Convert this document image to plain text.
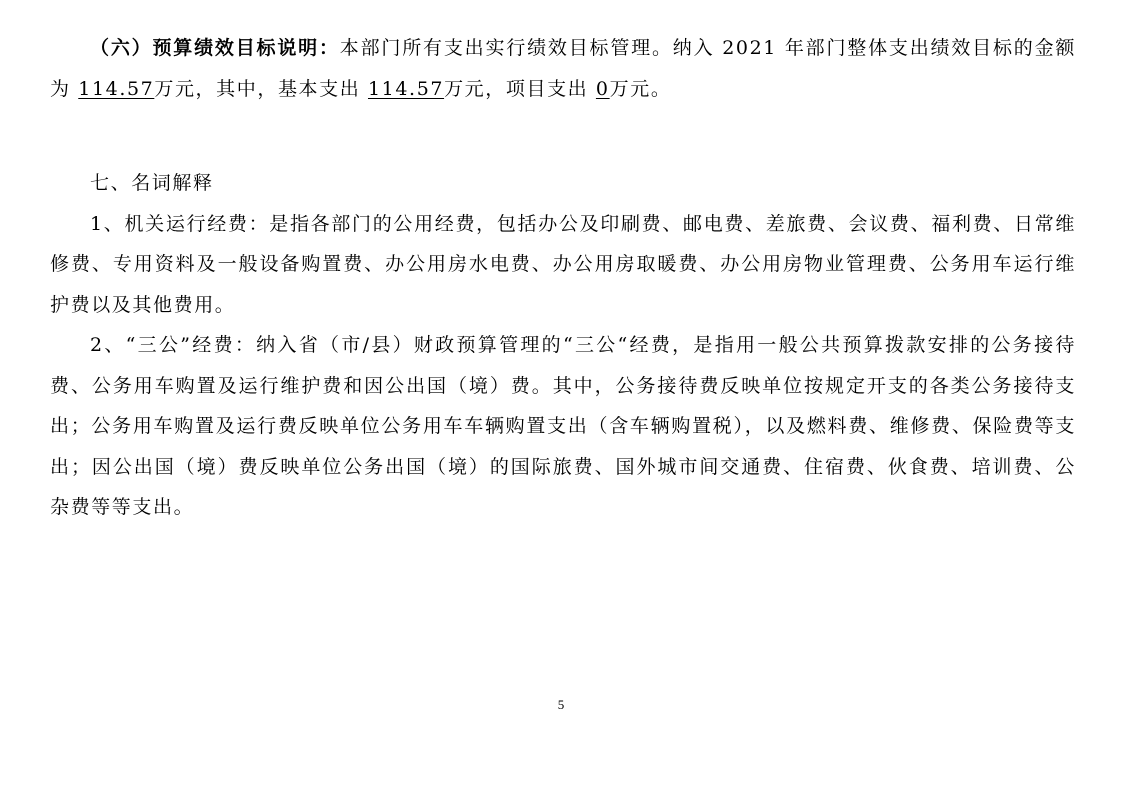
（六）预算绩效目标说明：本部门所有支出实行绩效目标管理。纳入 2021 年部门整体支出绩效目标的金额为 114.57万元，其中，基本支出 114.57万元，项目支出 0万元。

七、名词解释

1、机关运行经费：是指各部门的公用经费，包括办公及印刷费、邮电费、差旅费、会议费、福利费、日常维修费、专用资料及一般设备购置费、办公用房水电费、办公用房取暖费、办公用房物业管理费、公务用车运行维护费以及其他费用。

2、“三公”经费：纳入省（市/县）财政预算管理的“三公“经费，是指用一般公共预算拨款安排的公务接待费、公务用车购置及运行维护费和因公出国（境）费。其中，公务接待费反映单位按规定开支的各类公务接待支出；公务用车购置及运行费反映单位公务用车车辆购置支出（含车辆购置税），以及燃料费、维修费、保险费等支出；因公出国（境）费反映单位公务出国（境）的国际旅费、国外城市间交通费、住宿费、伙食费、培训费、公杂费等等支出。

5
